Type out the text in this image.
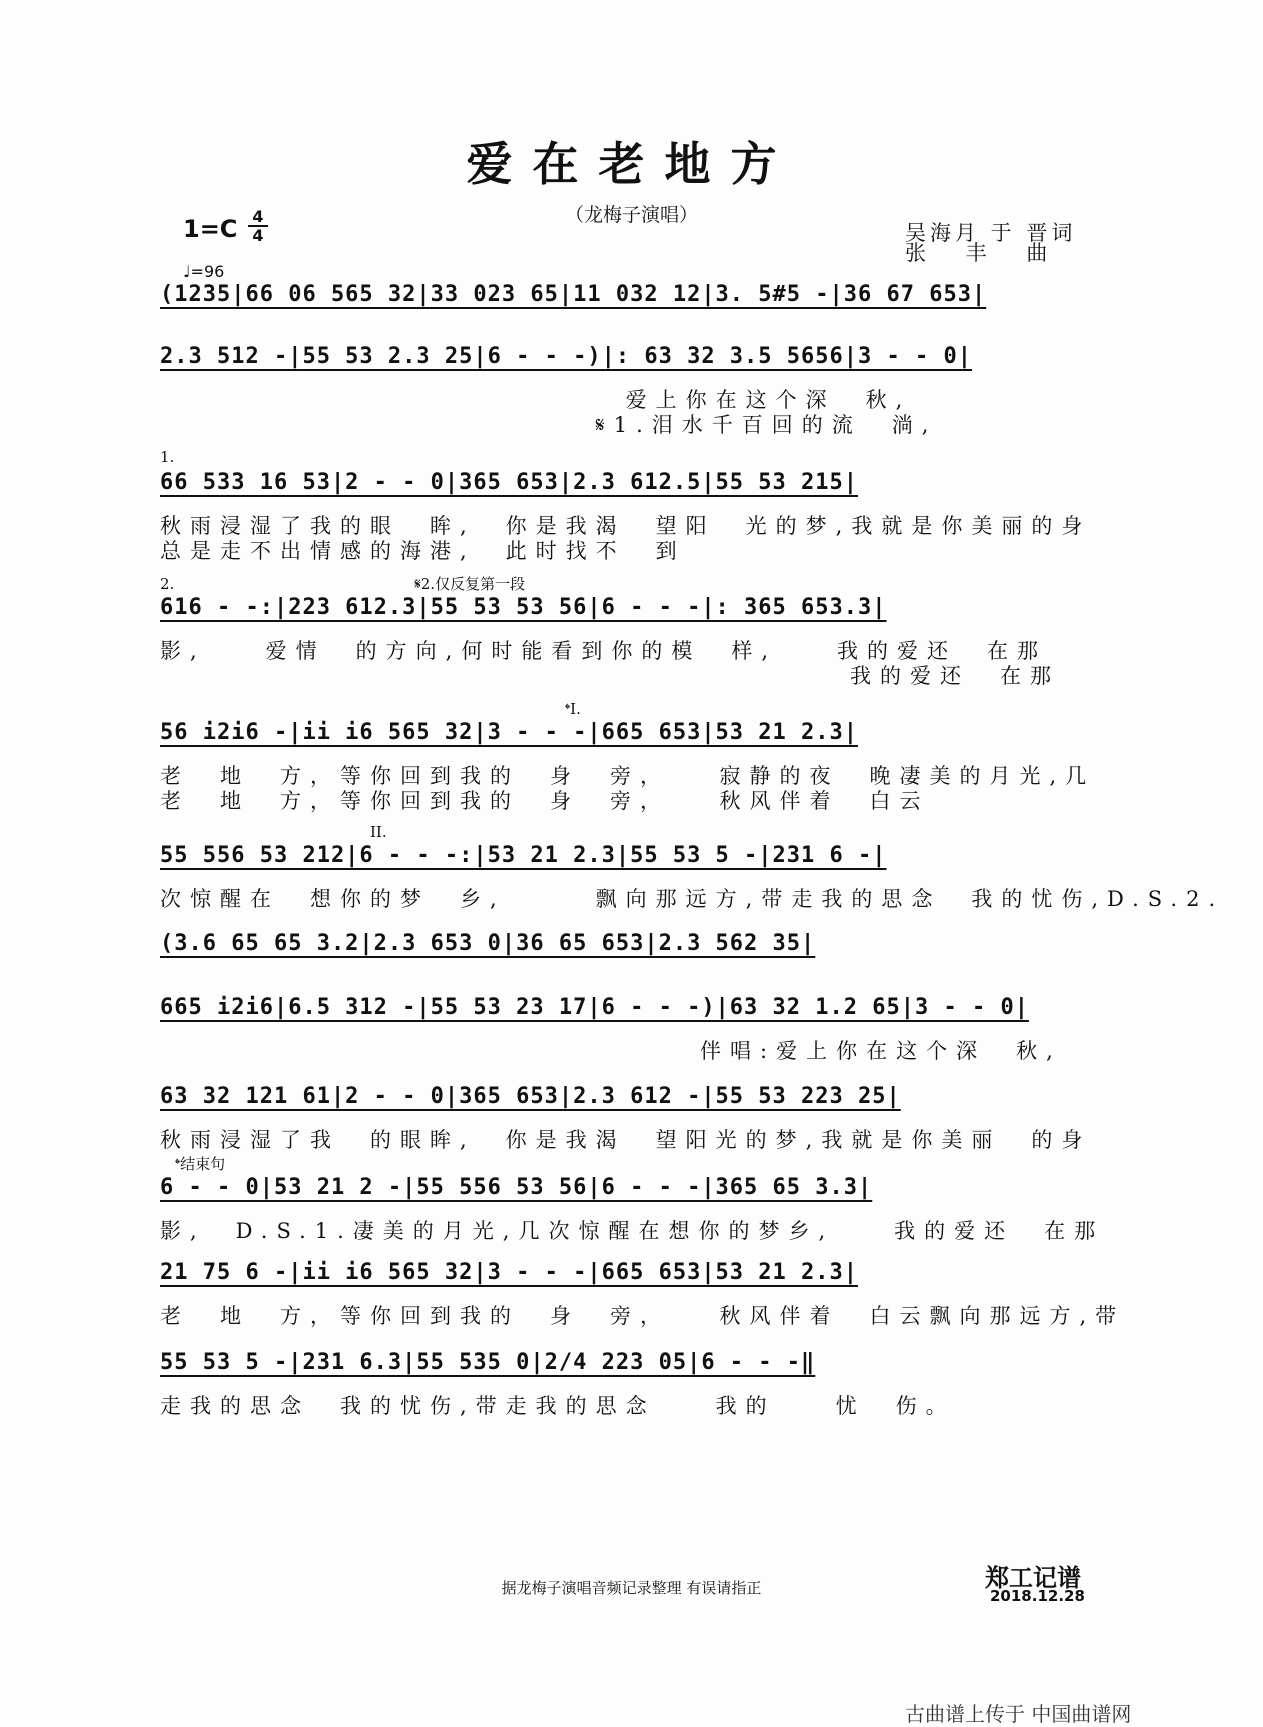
爱在老地方
（龙梅子演唱）
1=C 4
4
♩=96
吴海月 于 晋词
张　 丰　 曲
(1235|66 06 565 32|33 023 65|11 032 12|3. 5#5 -|36 67 653|
2.3 512 -|55 53 2.3 25|6 - - -)|: 63 32 3.5 5656|3 - - 0|
　　　　　　　　　　　　　　　 爱上你在这个深　秋,
　　　　　　　　　　　　　　 𝄋1.泪水千百回的流　淌,
1.
66 533 16 53|2 - - 0|365 653|2.3 612.5|55 53 215|
秋雨浸湿了我的眼　眸,　你是我渴　望阳　光的梦,我就是你美丽的身
总是走不出情感的海港,　此时找不　到
2.　　　　　　　　　　　　　　　　𝄋2.仅反复第一段
616 - -:|223 612.3|55 53 53 56|6 - - -|: 365 653.3|
影,　　爱情　的方向,何时能看到你的模　样,　　我的爱还　在那
　　　　　　　　　　　　　　　　　　　　　　　我的爱还　在那
　　　　　　　　　　　　　　　　　　　　　　　　　　　𝄌I.
56 i2i6 -|ii i6 565 32|3 - - -|665 653|53 21 2.3|
老　地　方，等你回到我的　身　旁，　　寂静的夜　晚凄美的月光,几
老　地　方，等你回到我的　身　旁，　　秋风伴着　白云
　　　　　　　　　　　　　　II.
55 556 53 212|6 - - -:|53 21 2.3|55 53 5 -|231 6 -|
次惊醒在　想你的梦　乡,　　　飘向那远方,带走我的思念　我的忧伤,D.S.2.
(3.6 65 65 3.2|2.3 653 0|36 65 653|2.3 562 35|
665 i2i6|6.5 312 -|55 53 23 17|6 - - -)|63 32 1.2 65|3 - - 0|
　　　　　　　　　　　　　　　　　　伴唱:爱上你在这个深　秋,
63 32 121 61|2 - - 0|365 653|2.3 612 -|55 53 223 25|
秋雨浸湿了我　的眼眸,　你是我渴　望阳光的梦,我就是你美丽　的身
　𝄌结束句
6 - - 0|53 21 2 -|55 556 53 56|6 - - -|365 65 3.3|
影,　D.S.1.凄美的月光,几次惊醒在想你的梦乡,　　我的爱还　在那
21 75 6 -|ii i6 565 32|3 - - -|665 653|53 21 2.3|
老　地　方，等你回到我的　身　旁，　　秋风伴着　白云飘向那远方,带
55 53 5 -|231 6.3|55 535 0|2/4 223 05|6 - - -‖
走我的思念　我的忧伤,带走我的思念　　我的　　忧　伤。
据龙梅子演唱音频记录整理 有误请指正	郑工记谱
2018.12.28
古曲谱上传于 中国曲谱网
